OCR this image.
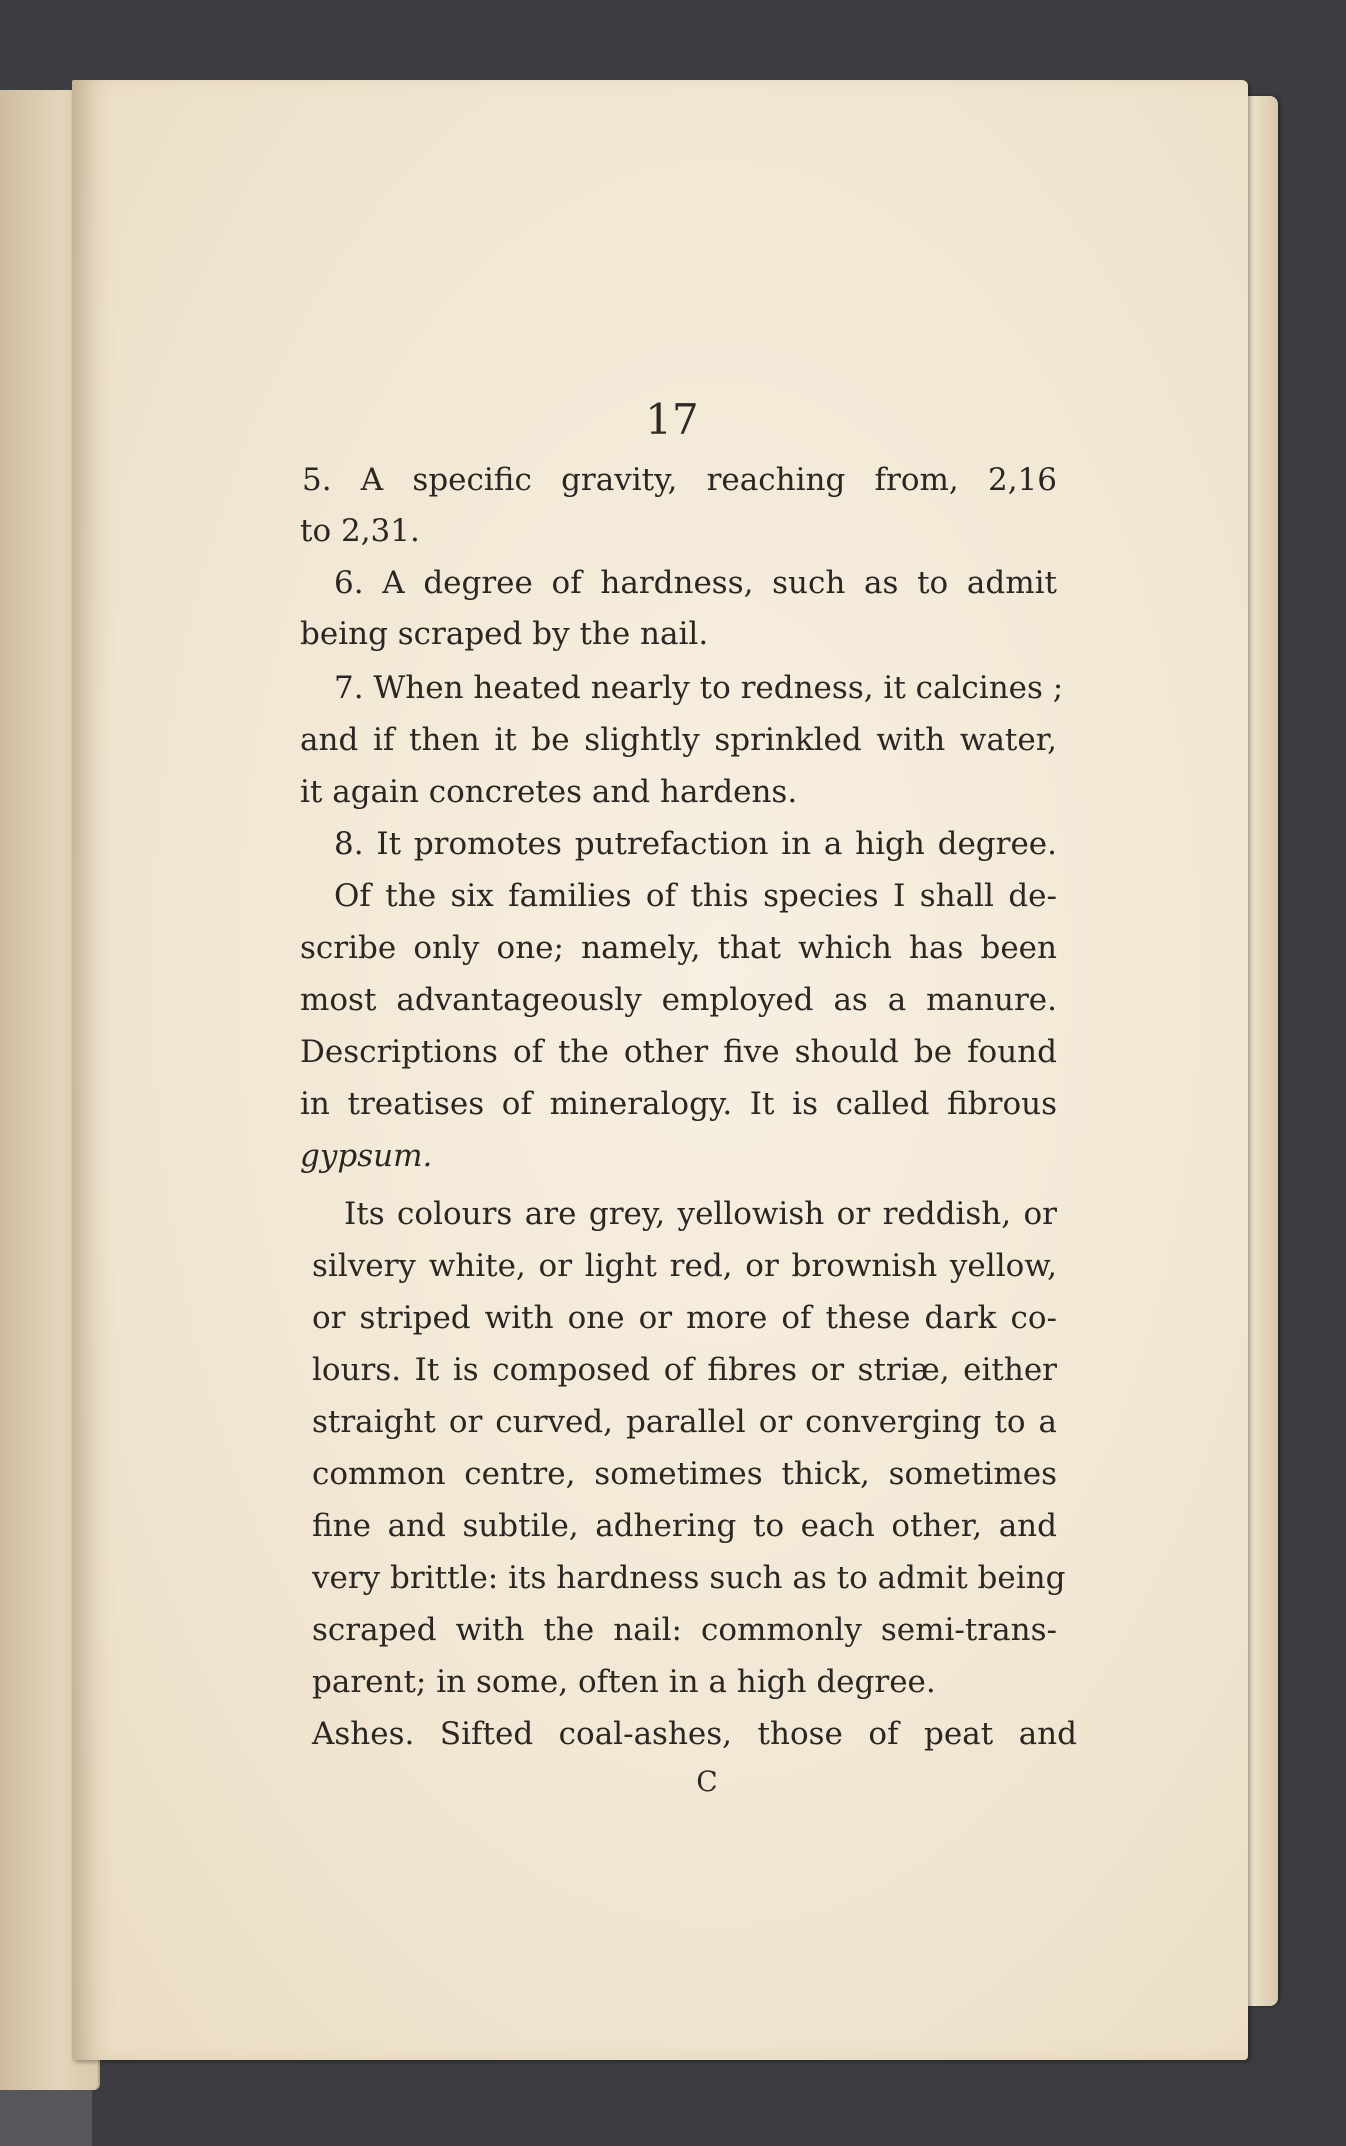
17
5. A specific gravity, reaching from, 2,16
to 2,31.
6. A degree of hardness, such as to admit
being scraped by the nail.
7. When heated nearly to redness, it calcines ;
and if then it be slightly sprinkled with water,
it again concretes and hardens.
8. It promotes putrefaction in a high degree.
Of the six families of this species I shall de-
scribe only one; namely, that which has been
most advantageously employed as a manure.
Descriptions of the other five should be found
in treatises of mineralogy. It is called fibrous
gypsum.
Its colours are grey, yellowish or reddish, or
silvery white, or light red, or brownish yellow,
or striped with one or more of these dark co-
lours. It is composed of fibres or striæ, either
straight or curved, parallel or converging to a
common centre, sometimes thick, sometimes
fine and subtile, adhering to each other, and
very brittle: its hardness such as to admit being
scraped with the nail: commonly semi-trans-
parent; in some, often in a high degree.
Ashes. Sifted coal-ashes, those of peat and
C
